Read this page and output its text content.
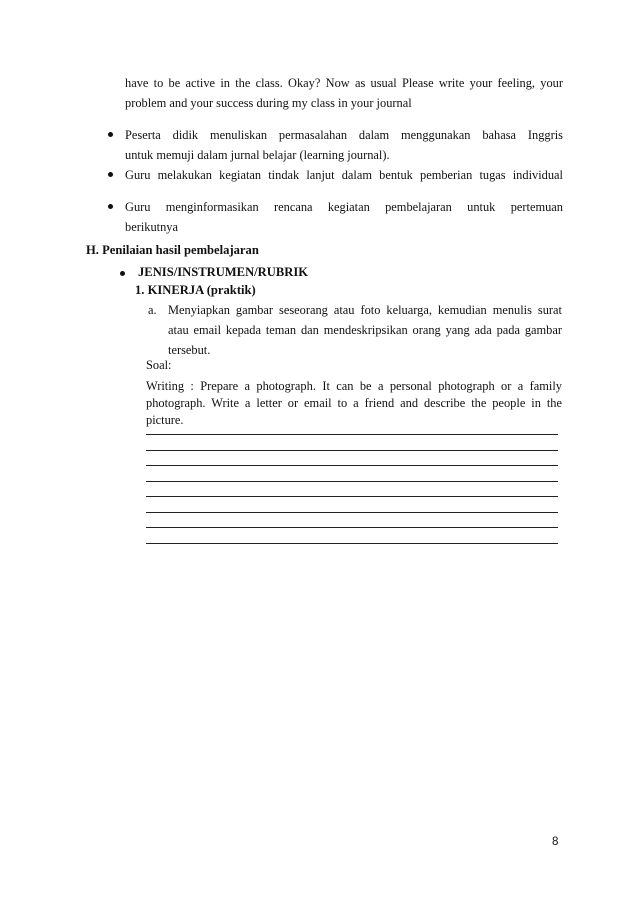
have to be active in the class. Okay? Now as usual Please write your feeling, your
problem and your success during my class in your journal
Peserta didik menuliskan permasalahan dalam menggunakan bahasa Inggris
untuk memuji dalam jurnal belajar (learning journal).
Guru melakukan kegiatan tindak lanjut dalam bentuk pemberian tugas individual
Guru menginformasikan rencana kegiatan pembelajaran untuk pertemuan
berikutnya
H. Penilaian hasil pembelajaran
JENIS/INSTRUMEN/RUBRIK
1. KINERJA (praktik)
a. Menyiapkan gambar seseorang atau foto keluarga, kemudian menulis surat
atau email kepada teman dan mendeskripsikan orang yang ada pada gambar
tersebut.
Soal:
Writing : Prepare a photograph. It can be a personal photograph or a family
photograph. Write a letter or email to a friend and describe the people in the
picture.
8
